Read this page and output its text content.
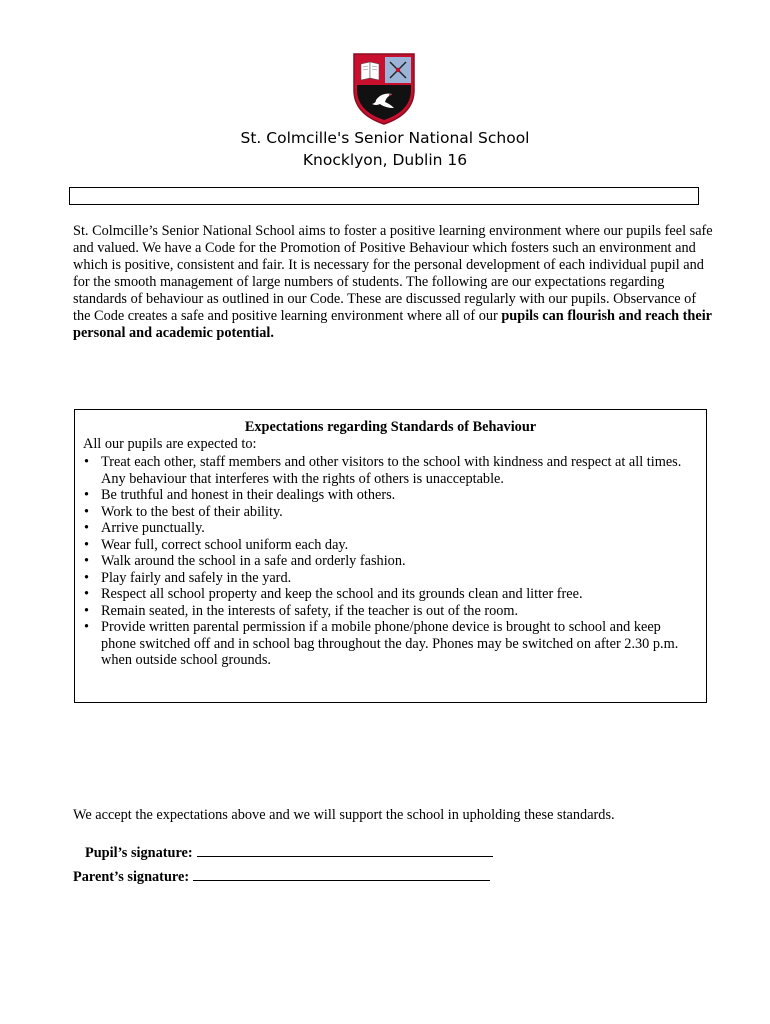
St. Colmcille's Senior National School
Knocklyon, Dublin 16

St. Colmcille’s Senior National School aims to foster a positive learning environment where our pupils feel safe and valued. We have a Code for the Promotion of Positive Behaviour which fosters such an environment and which is positive, consistent and fair. It is necessary for the personal development of each individual pupil and for the smooth management of large numbers of students. The following are our expectations regarding standards of behaviour as outlined in our Code. These are discussed regularly with our pupils. Observance of the Code creates a safe and positive learning environment where all of our pupils can flourish and reach their personal and academic potential.

Expectations regarding Standards of Behaviour
All our pupils are expected to:
• Treat each other, staff members and other visitors to the school with kindness and respect at all times. Any behaviour that interferes with the rights of others is unacceptable.
• Be truthful and honest in their dealings with others.
• Work to the best of their ability.
• Arrive punctually.
• Wear full, correct school uniform each day.
• Walk around the school in a safe and orderly fashion.
• Play fairly and safely in the yard.
• Respect all school property and keep the school and its grounds clean and litter free.
• Remain seated, in the interests of safety, if the teacher is out of the room.
• Provide written parental permission if a mobile phone/phone device is brought to school and keep phone switched off and in school bag throughout the day. Phones may be switched on after 2.30 p.m. when outside school grounds.
We accept the expectations above and we will support the school in upholding these standards.
Pupil’s signature:
Parent’s signature:
